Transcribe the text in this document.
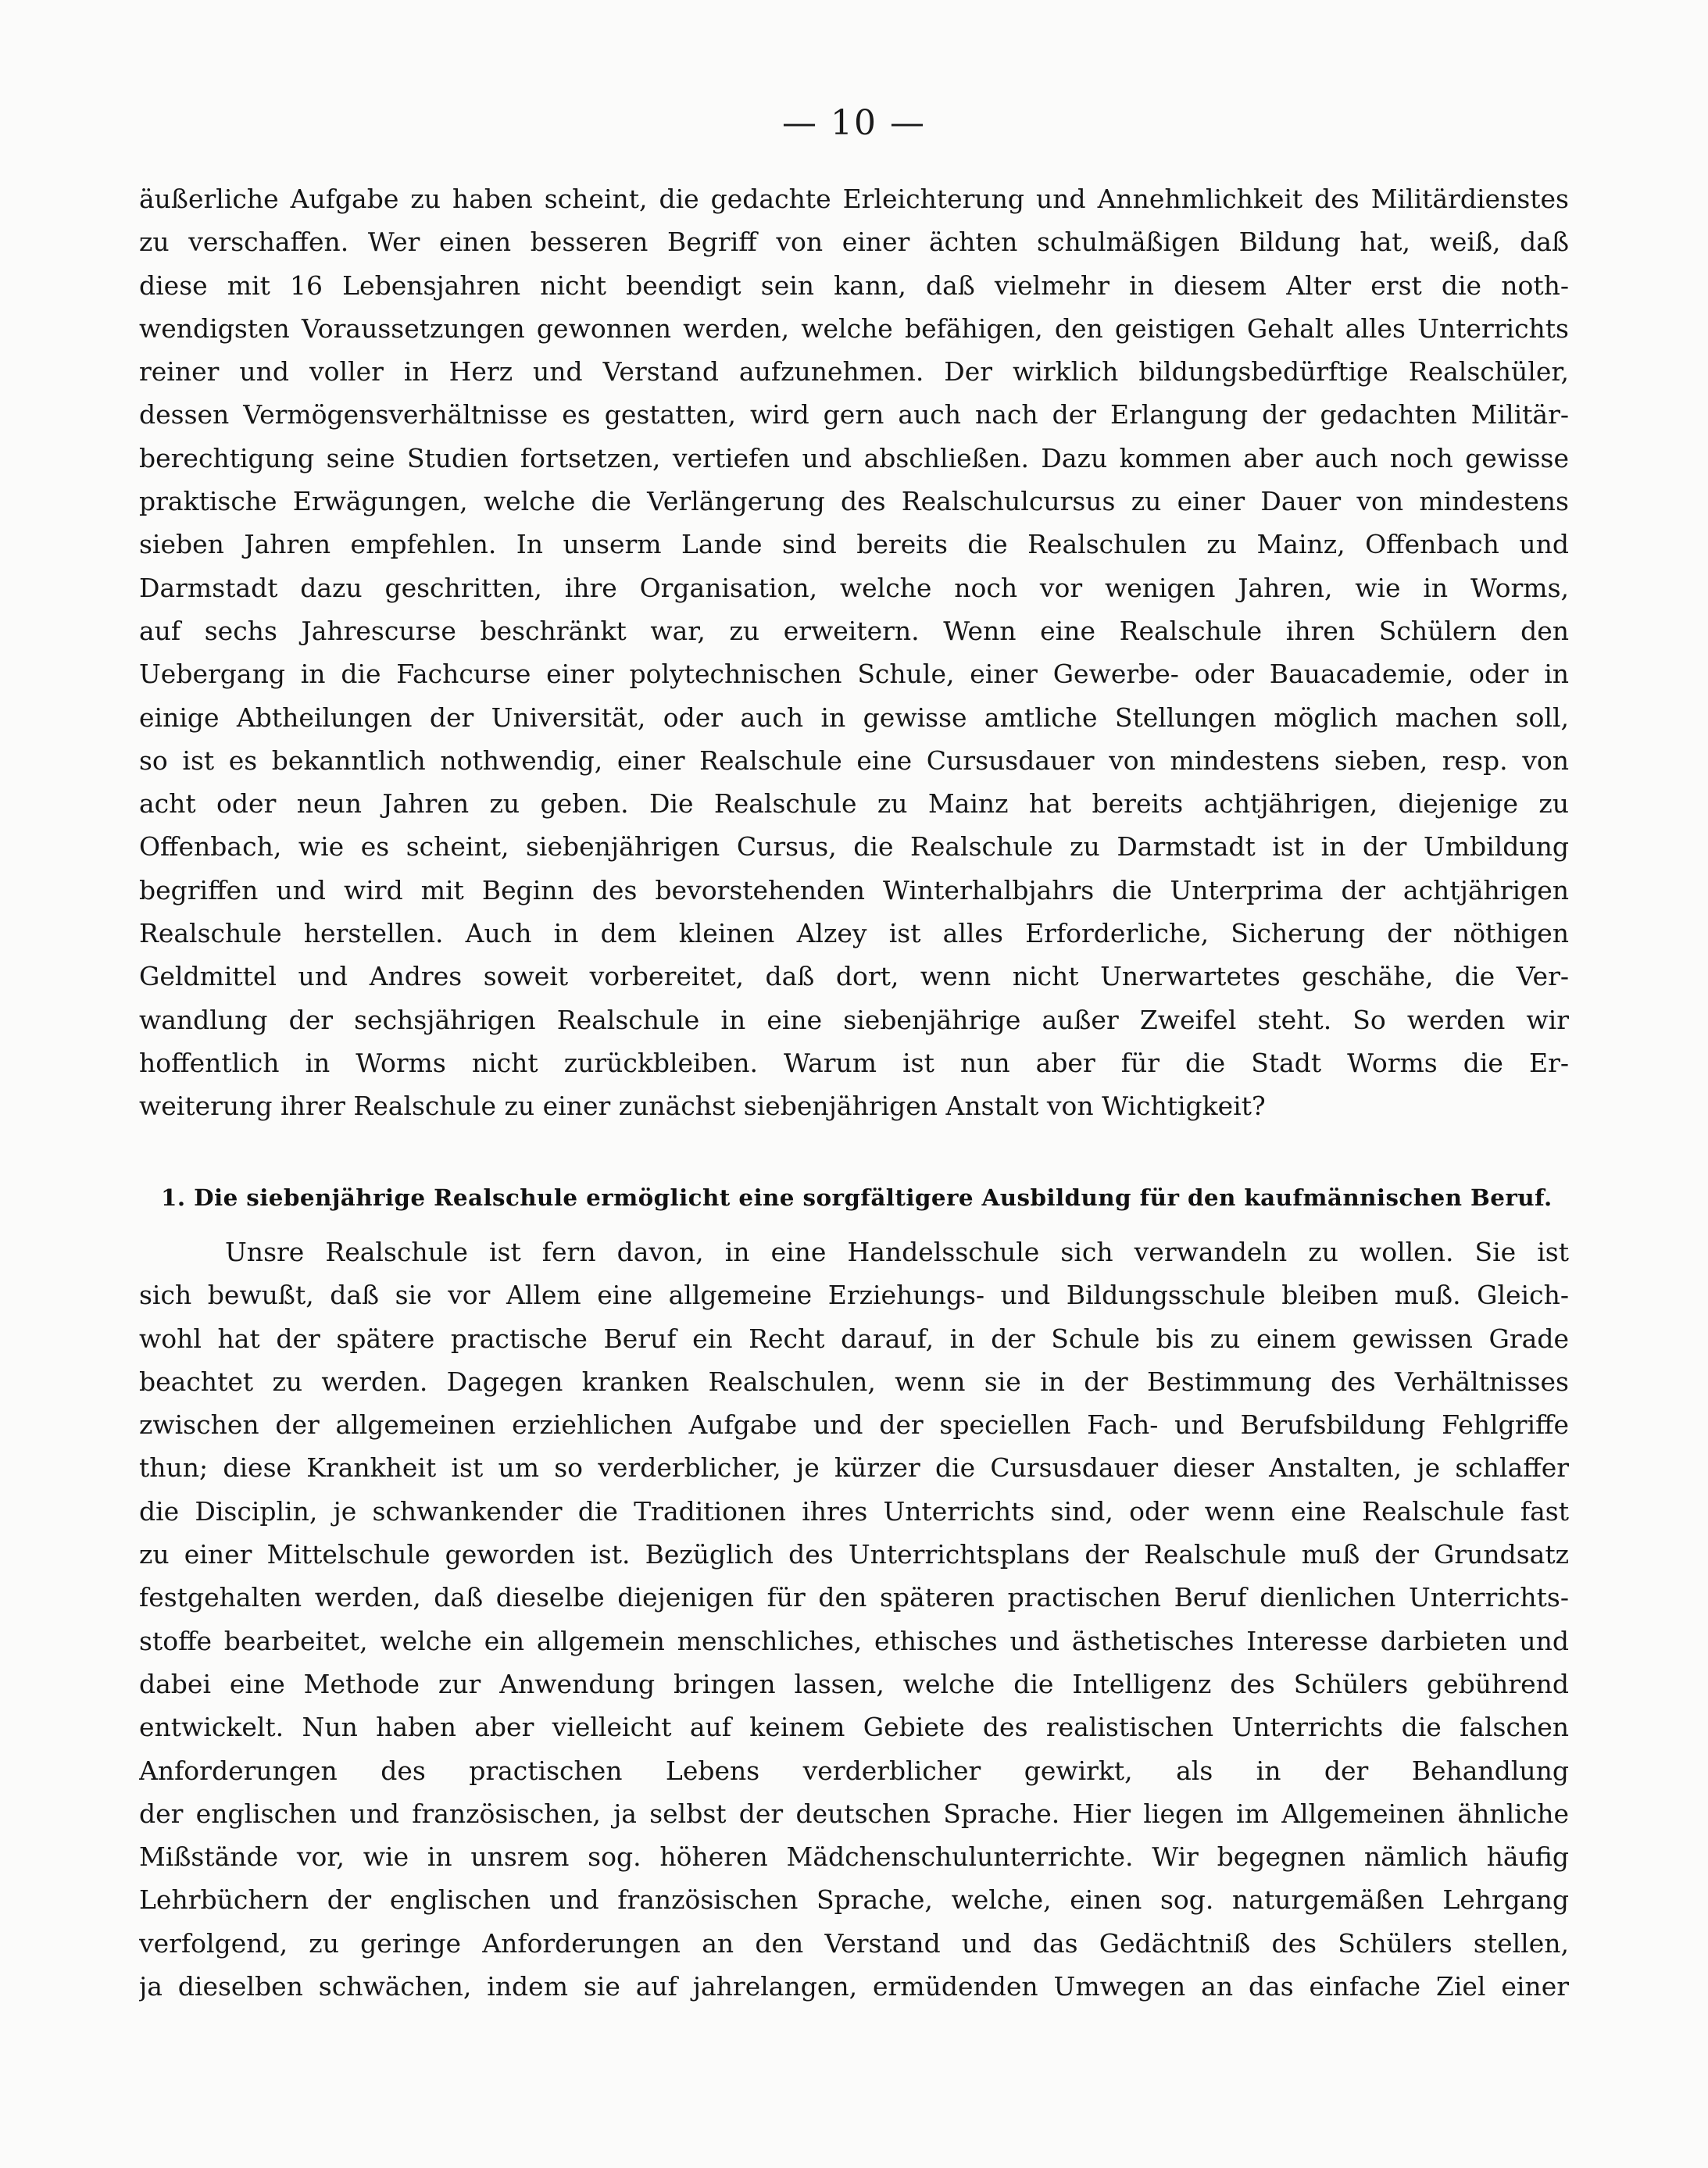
— 10 —
äußerliche Aufgabe zu haben scheint, die gedachte Erleichterung und Annehmlichkeit des Militärdienstes
zu verschaffen. Wer einen besseren Begriff von einer ächten schulmäßigen Bildung hat, weiß, daß
diese mit 16 Lebensjahren nicht beendigt sein kann, daß vielmehr in diesem Alter erst die noth-
wendigsten Voraussetzungen gewonnen werden, welche befähigen, den geistigen Gehalt alles Unterrichts
reiner und voller in Herz und Verstand aufzunehmen. Der wirklich bildungsbedürftige Realschüler,
dessen Vermögensverhältnisse es gestatten, wird gern auch nach der Erlangung der gedachten Militär-
berechtigung seine Studien fortsetzen, vertiefen und abschließen. Dazu kommen aber auch noch gewisse
praktische Erwägungen, welche die Verlängerung des Realschulcursus zu einer Dauer von mindestens
sieben Jahren empfehlen. In unserm Lande sind bereits die Realschulen zu Mainz, Offenbach und
Darmstadt dazu geschritten, ihre Organisation, welche noch vor wenigen Jahren, wie in Worms,
auf sechs Jahrescurse beschränkt war, zu erweitern. Wenn eine Realschule ihren Schülern den
Uebergang in die Fachcurse einer polytechnischen Schule, einer Gewerbe- oder Bauacademie, oder in
einige Abtheilungen der Universität, oder auch in gewisse amtliche Stellungen möglich machen soll,
so ist es bekanntlich nothwendig, einer Realschule eine Cursusdauer von mindestens sieben, resp. von
acht oder neun Jahren zu geben. Die Realschule zu Mainz hat bereits achtjährigen, diejenige zu
Offenbach, wie es scheint, siebenjährigen Cursus, die Realschule zu Darmstadt ist in der Umbildung
begriffen und wird mit Beginn des bevorstehenden Winterhalbjahrs die Unterprima der achtjährigen
Realschule herstellen. Auch in dem kleinen Alzey ist alles Erforderliche, Sicherung der nöthigen
Geldmittel und Andres soweit vorbereitet, daß dort, wenn nicht Unerwartetes geschähe, die Ver-
wandlung der sechsjährigen Realschule in eine siebenjährige außer Zweifel steht. So werden wir
hoffentlich in Worms nicht zurückbleiben. Warum ist nun aber für die Stadt Worms die Er-
weiterung ihrer Realschule zu einer zunächst siebenjährigen Anstalt von Wichtigkeit?
1. Die siebenjährige Realschule ermöglicht eine sorgfältigere Ausbildung für den kaufmännischen Beruf.
Unsre Realschule ist fern davon, in eine Handelsschule sich verwandeln zu wollen. Sie ist
sich bewußt, daß sie vor Allem eine allgemeine Erziehungs- und Bildungsschule bleiben muß. Gleich-
wohl hat der spätere practische Beruf ein Recht darauf, in der Schule bis zu einem gewissen Grade
beachtet zu werden. Dagegen kranken Realschulen, wenn sie in der Bestimmung des Verhältnisses
zwischen der allgemeinen erziehlichen Aufgabe und der speciellen Fach- und Berufsbildung Fehlgriffe
thun; diese Krankheit ist um so verderblicher, je kürzer die Cursusdauer dieser Anstalten, je schlaffer
die Disciplin, je schwankender die Traditionen ihres Unterrichts sind, oder wenn eine Realschule fast
zu einer Mittelschule geworden ist. Bezüglich des Unterrichtsplans der Realschule muß der Grundsatz
festgehalten werden, daß dieselbe diejenigen für den späteren practischen Beruf dienlichen Unterrichts-
stoffe bearbeitet, welche ein allgemein menschliches, ethisches und ästhetisches Interesse darbieten und
dabei eine Methode zur Anwendung bringen lassen, welche die Intelligenz des Schülers gebührend
entwickelt. Nun haben aber vielleicht auf keinem Gebiete des realistischen Unterrichts die falschen
Anforderungen des practischen Lebens verderblicher gewirkt, als in der Behandlung
der englischen und französischen, ja selbst der deutschen Sprache. Hier liegen im Allgemeinen ähnliche
Mißstände vor, wie in unsrem sog. höheren Mädchenschulunterrichte. Wir begegnen nämlich häufig
Lehrbüchern der englischen und französischen Sprache, welche, einen sog. naturgemäßen Lehrgang
verfolgend, zu geringe Anforderungen an den Verstand und das Gedächtniß des Schülers stellen,
ja dieselben schwächen, indem sie auf jahrelangen, ermüdenden Umwegen an das einfache Ziel einer
